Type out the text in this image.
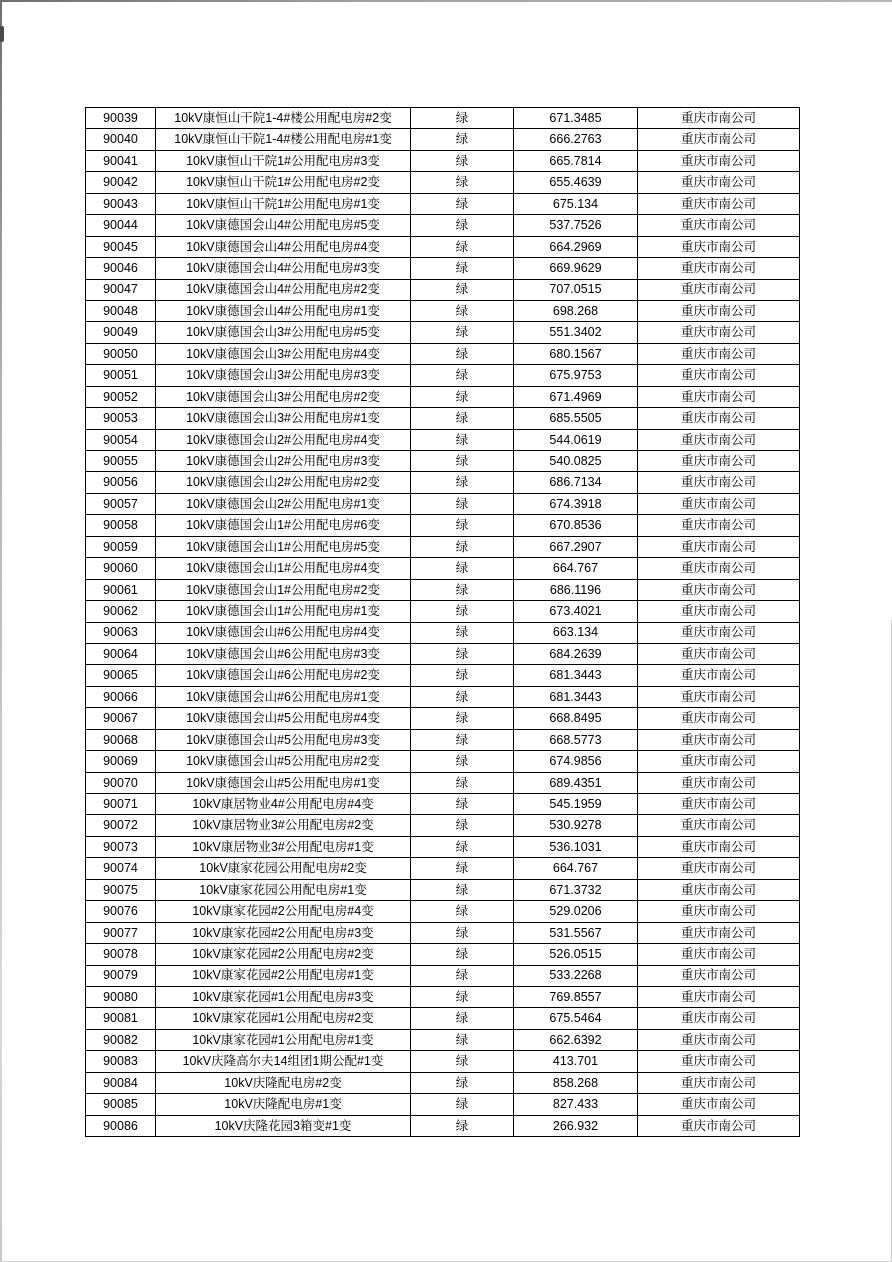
90039	10kV康恒山干院1-4#楼公用配电房#2变	绿	671.3485	重庆市南公司
90040	10kV康恒山干院1-4#楼公用配电房#1变	绿	666.2763	重庆市南公司
90041	10kV康恒山干院1#公用配电房#3变	绿	665.7814	重庆市南公司
90042	10kV康恒山干院1#公用配电房#2变	绿	655.4639	重庆市南公司
90043	10kV康恒山干院1#公用配电房#1变	绿	675.134	重庆市南公司
90044	10kV康德国会山4#公用配电房#5变	绿	537.7526	重庆市南公司
90045	10kV康德国会山4#公用配电房#4变	绿	664.2969	重庆市南公司
90046	10kV康德国会山4#公用配电房#3变	绿	669.9629	重庆市南公司
90047	10kV康德国会山4#公用配电房#2变	绿	707.0515	重庆市南公司
90048	10kV康德国会山4#公用配电房#1变	绿	698.268	重庆市南公司
90049	10kV康德国会山3#公用配电房#5变	绿	551.3402	重庆市南公司
90050	10kV康德国会山3#公用配电房#4变	绿	680.1567	重庆市南公司
90051	10kV康德国会山3#公用配电房#3变	绿	675.9753	重庆市南公司
90052	10kV康德国会山3#公用配电房#2变	绿	671.4969	重庆市南公司
90053	10kV康德国会山3#公用配电房#1变	绿	685.5505	重庆市南公司
90054	10kV康德国会山2#公用配电房#4变	绿	544.0619	重庆市南公司
90055	10kV康德国会山2#公用配电房#3变	绿	540.0825	重庆市南公司
90056	10kV康德国会山2#公用配电房#2变	绿	686.7134	重庆市南公司
90057	10kV康德国会山2#公用配电房#1变	绿	674.3918	重庆市南公司
90058	10kV康德国会山1#公用配电房#6变	绿	670.8536	重庆市南公司
90059	10kV康德国会山1#公用配电房#5变	绿	667.2907	重庆市南公司
90060	10kV康德国会山1#公用配电房#4变	绿	664.767	重庆市南公司
90061	10kV康德国会山1#公用配电房#2变	绿	686.1196	重庆市南公司
90062	10kV康德国会山1#公用配电房#1变	绿	673.4021	重庆市南公司
90063	10kV康德国会山#6公用配电房#4变	绿	663.134	重庆市南公司
90064	10kV康德国会山#6公用配电房#3变	绿	684.2639	重庆市南公司
90065	10kV康德国会山#6公用配电房#2变	绿	681.3443	重庆市南公司
90066	10kV康德国会山#6公用配电房#1变	绿	681.3443	重庆市南公司
90067	10kV康德国会山#5公用配电房#4变	绿	668.8495	重庆市南公司
90068	10kV康德国会山#5公用配电房#3变	绿	668.5773	重庆市南公司
90069	10kV康德国会山#5公用配电房#2变	绿	674.9856	重庆市南公司
90070	10kV康德国会山#5公用配电房#1变	绿	689.4351	重庆市南公司
90071	10kV康居物业4#公用配电房#4变	绿	545.1959	重庆市南公司
90072	10kV康居物业3#公用配电房#2变	绿	530.9278	重庆市南公司
90073	10kV康居物业3#公用配电房#1变	绿	536.1031	重庆市南公司
90074	10kV康家花园公用配电房#2变	绿	664.767	重庆市南公司
90075	10kV康家花园公用配电房#1变	绿	671.3732	重庆市南公司
90076	10kV康家花园#2公用配电房#4变	绿	529.0206	重庆市南公司
90077	10kV康家花园#2公用配电房#3变	绿	531.5567	重庆市南公司
90078	10kV康家花园#2公用配电房#2变	绿	526.0515	重庆市南公司
90079	10kV康家花园#2公用配电房#1变	绿	533.2268	重庆市南公司
90080	10kV康家花园#1公用配电房#3变	绿	769.8557	重庆市南公司
90081	10kV康家花园#1公用配电房#2变	绿	675.5464	重庆市南公司
90082	10kV康家花园#1公用配电房#1变	绿	662.6392	重庆市南公司
90083	10kV庆隆高尔夫14组团1期公配#1变	绿	413.701	重庆市南公司
90084	10kV庆隆配电房#2变	绿	858.268	重庆市南公司
90085	10kV庆隆配电房#1变	绿	827.433	重庆市南公司
90086	10kV庆隆花园3箱变#1变	绿	266.932	重庆市南公司
